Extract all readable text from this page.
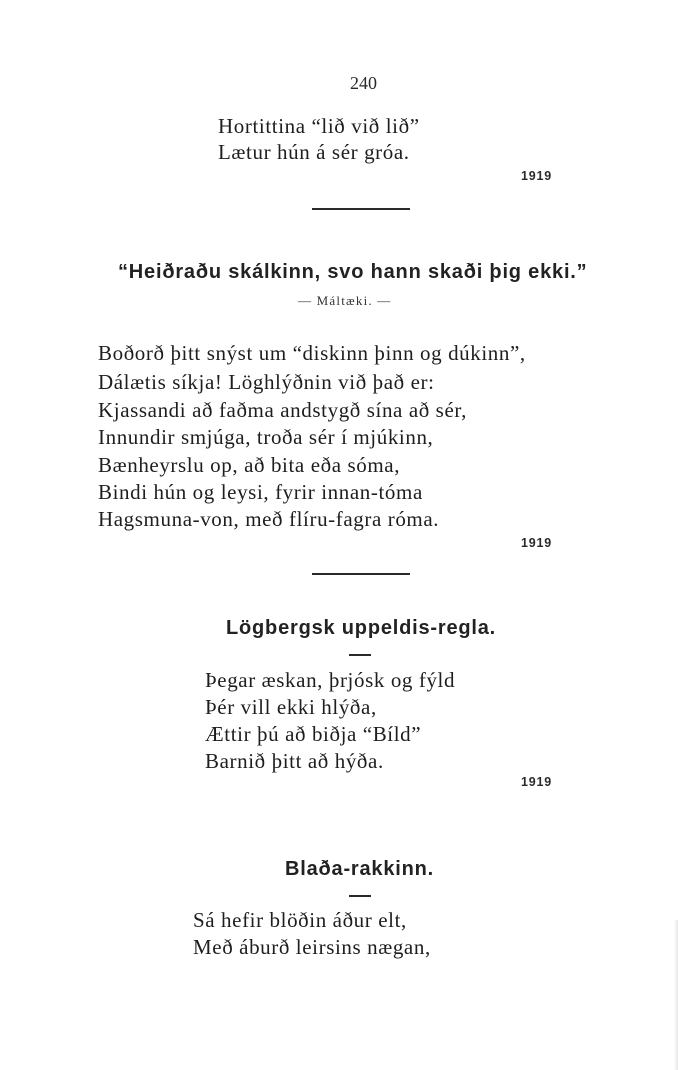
240
Hortittina “lið við lið”
Lætur hún á sér gróa.
1919
“Heiðraðu skálkinn, svo hann skaði þig ekki.”
— Máltæki. —
Boðorð þitt snýst um “diskinn þinn og dúkinn”,
Dálætis síkja! Löghlýðnin við það er:
Kjassandi að faðma andstygð sína að sér,
Innundir smjúga, troða sér í mjúkinn,
Bænheyrslu op, að bita eða sóma,
Bindi hún og leysi, fyrir innan-tóma
Hagsmuna-von, með flíru-fagra róma.
1919
Lögbergsk uppeldis-regla.
Þegar æskan, þrjósk og fýld
Þér vill ekki hlýða,
Ættir þú að biðja “Bíld”
Barnið þitt að hýða.
1919
Blaða-rakkinn.
Sá hefir blöðin áður elt,
Með áburð leirsins nægan,
